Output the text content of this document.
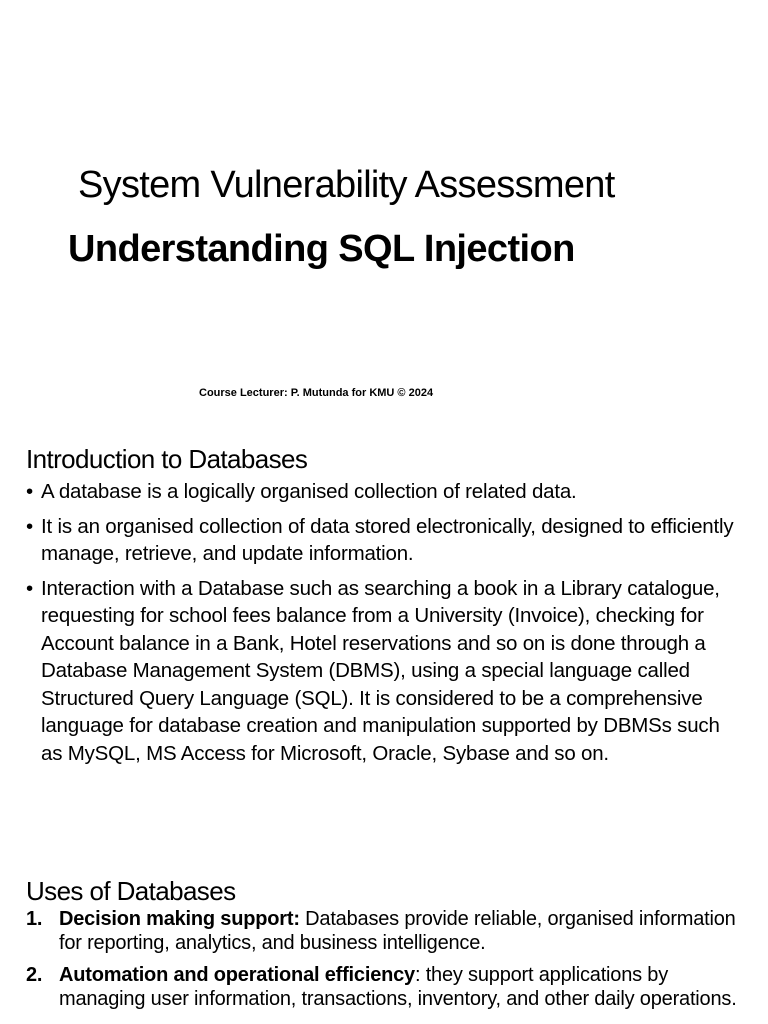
System Vulnerability Assessment
Understanding SQL Injection
Course Lecturer: P. Mutunda for KMU © 2024
Introduction to Databases
• A database is a logically organised collection of related data.
• It is an organised collection of data stored electronically, designed to efficiently manage, retrieve, and update information.
• Interaction with a Database such as searching a book in a Library catalogue, requesting for school fees balance from a University (Invoice), checking for Account balance in a Bank, Hotel reservations and so on is done through a Database Management System (DBMS), using a special language called Structured Query Language (SQL). It is considered to be a comprehensive language for database creation and manipulation supported by DBMSs such as MySQL, MS Access for Microsoft, Oracle, Sybase and so on.
Uses of Databases
1. Decision making support: Databases provide reliable, organised information for reporting, analytics, and business intelligence.
2. Automation and operational efficiency: they support applications by managing user information, transactions, inventory, and other daily operations.
